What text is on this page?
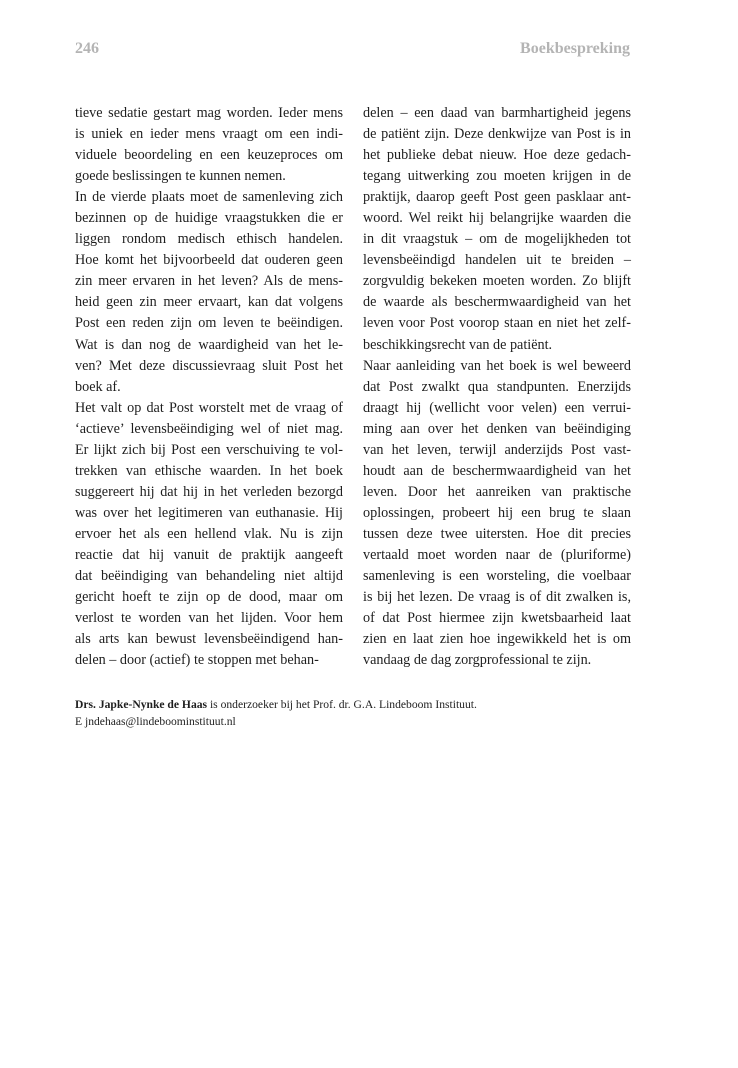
246	Boekbespreking
tieve sedatie gestart mag worden. Ieder mens
is uniek en ieder mens vraagt om een indi-
viduele beoordeling en een keuzeproces om
goede beslissingen te kunnen nemen.
In de vierde plaats moet de samenleving zich
bezinnen op de huidige vraagstukken die er
liggen rondom medisch ethisch handelen.
Hoe komt het bijvoorbeeld dat ouderen geen
zin meer ervaren in het leven? Als de mens-
heid geen zin meer ervaart, kan dat volgens
Post een reden zijn om leven te beëindigen.
Wat is dan nog de waardigheid van het le-
ven? Met deze discussievraag sluit Post het
boek af.
Het valt op dat Post worstelt met de vraag of
‘actieve’ levensbeëindiging wel of niet mag.
Er lijkt zich bij Post een verschuiving te vol-
trekken van ethische waarden. In het boek
suggereert hij dat hij in het verleden bezorgd
was over het legitimeren van euthanasie. Hij
ervoer het als een hellend vlak. Nu is zijn
reactie dat hij vanuit de praktijk aangeeft
dat beëindiging van behandeling niet altijd
gericht hoeft te zijn op de dood, maar om
verlost te worden van het lijden. Voor hem
als arts kan bewust levensbeëindigend han-
delen – door (actief) te stoppen met behan-
delen – een daad van barmhartigheid jegens
de patiënt zijn. Deze denkwijze van Post is in
het publieke debat nieuw. Hoe deze gedach-
tegang uitwerking zou moeten krijgen in de
praktijk, daarop geeft Post geen pasklaar ant-
woord. Wel reikt hij belangrijke waarden die
in dit vraagstuk – om de mogelijkheden tot
levensbeëindigd handelen uit te breiden –
zorgvuldig bekeken moeten worden. Zo blijft
de waarde als beschermwaardigheid van het
leven voor Post voorop staan en niet het zelf-
beschikkingsrecht van de patiënt.
Naar aanleiding van het boek is wel beweerd
dat Post zwalkt qua standpunten. Enerzijds
draagt hij (wellicht voor velen) een verrui-
ming aan over het denken van beëindiging
van het leven, terwijl anderzijds Post vast-
houdt aan de beschermwaardigheid van het
leven. Door het aanreiken van praktische
oplossingen, probeert hij een brug te slaan
tussen deze twee uitersten. Hoe dit precies
vertaald moet worden naar de (pluriforme)
samenleving is een worsteling, die voelbaar
is bij het lezen. De vraag is of dit zwalken is,
of dat Post hiermee zijn kwetsbaarheid laat
zien en laat zien hoe ingewikkeld het is om
vandaag de dag zorgprofessional te zijn.
Drs. Japke-Nynke de Haas is onderzoeker bij het Prof. dr. G.A. Lindeboom Instituut.
E jndehaas@lindeboominstituut.nl
